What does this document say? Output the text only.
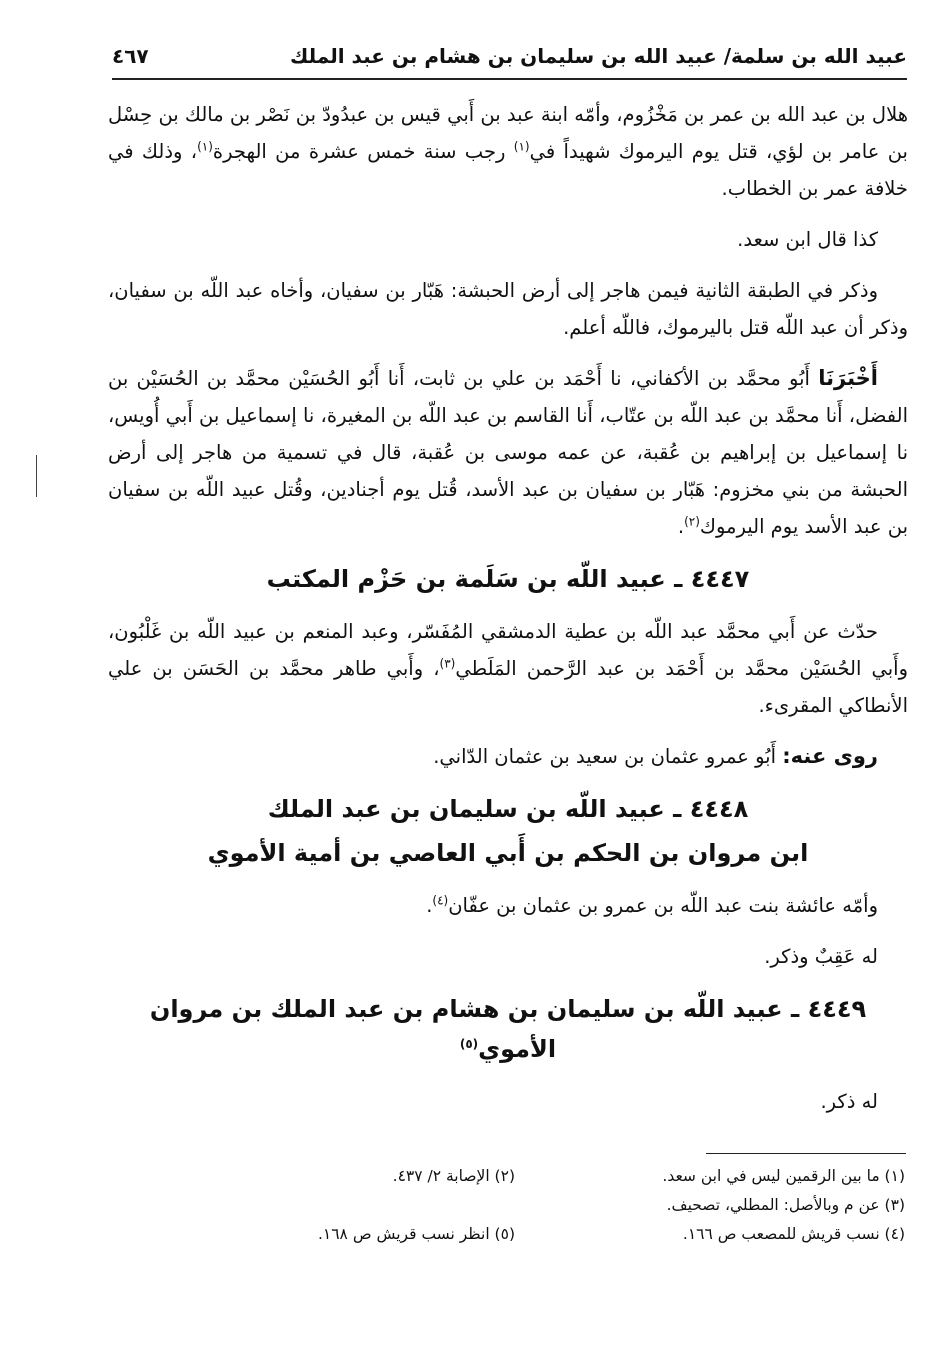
عبيد الله بن سلمة/ عبيد الله بن سليمان بن هشام بن عبد الملك
٤٦٧

هلال بن عبد الله بن عمر بن مَخْزُوم، وأمّه ابنة عبد بن أَبي قيس بن عبدُودّ بن نَصْر بن مالك بن حِسْل بن عامر بن لؤي، قتل يوم اليرموك شهيداً في$^{(١)}$ رجب سنة خمس عشرة من الهجرة$^{(١)}$، وذلك في خلافة عمر بن الخطاب.

كذا قال ابن سعد.

وذكر في الطبقة الثانية فيمن هاجر إلى أرض الحبشة: هَبّار بن سفيان، وأخاه عبد اللّه بن سفيان، وذكر أن عبد اللّه قتل باليرموك، فاللّه أعلم.

أَخْبَرَنَا أَبُو محمَّد بن الأكفاني، نا أَحْمَد بن علي بن ثابت، أَنا أَبُو الحُسَيْن محمَّد بن الحُسَيْن بن الفضل، أَنا محمَّد بن عبد اللّه بن عتّاب، أَنا القاسم بن عبد اللّه بن المغيرة، نا إسماعيل بن أَبي أُويس، نا إسماعيل بن إبراهيم بن عُقبة، عن عمه موسى بن عُقبة، قال في تسمية من هاجر إلى أرض الحبشة من بني مخزوم: هَبّار بن سفيان بن عبد الأسد، قُتل يوم أجنادين، وقُتل عبيد اللّه بن سفيان بن عبد الأسد يوم اليرموك$^{(٢)}$.

٤٤٤٧ ـ عبيد اللّه بن سَلَمة بن حَزْم المكتب

حدّث عن أَبي محمَّد عبد اللّه بن عطية الدمشقي المُفَسّر، وعبد المنعم بن عبيد اللّه بن غَلْبُون، وأَبي الحُسَيْن محمَّد بن أَحْمَد بن عبد الرَّحمن المَلَطي$^{(٣)}$، وأَبي طاهر محمَّد بن الحَسَن بن علي الأنطاكي المقرىء.

روى عنه: أَبُو عمرو عثمان بن سعيد بن عثمان الدّاني.

٤٤٤٨ ـ عبيد اللّه بن سليمان بن عبد الملك
ابن مروان بن الحكم بن أَبي العاصي بن أمية الأموي

وأمّه عائشة بنت عبد اللّه بن عمرو بن عثمان بن عفّان$^{(٤)}$.

له عَقِبٌ وذكر.

٤٤٤٩ ـ عبيد اللّه بن سليمان بن هشام بن عبد الملك بن مروان الأموي$^{(٥)}$

له ذكر.

(١) ما بين الرقمين ليس في ابن سعد.
(٢) الإصابة ٢/ ٤٣٧.
(٣) عن م وبالأصل: المطلي، تصحيف.
(٤) نسب قريش للمصعب ص ١٦٦.
(٥) انظر نسب قريش ص ١٦٨.
